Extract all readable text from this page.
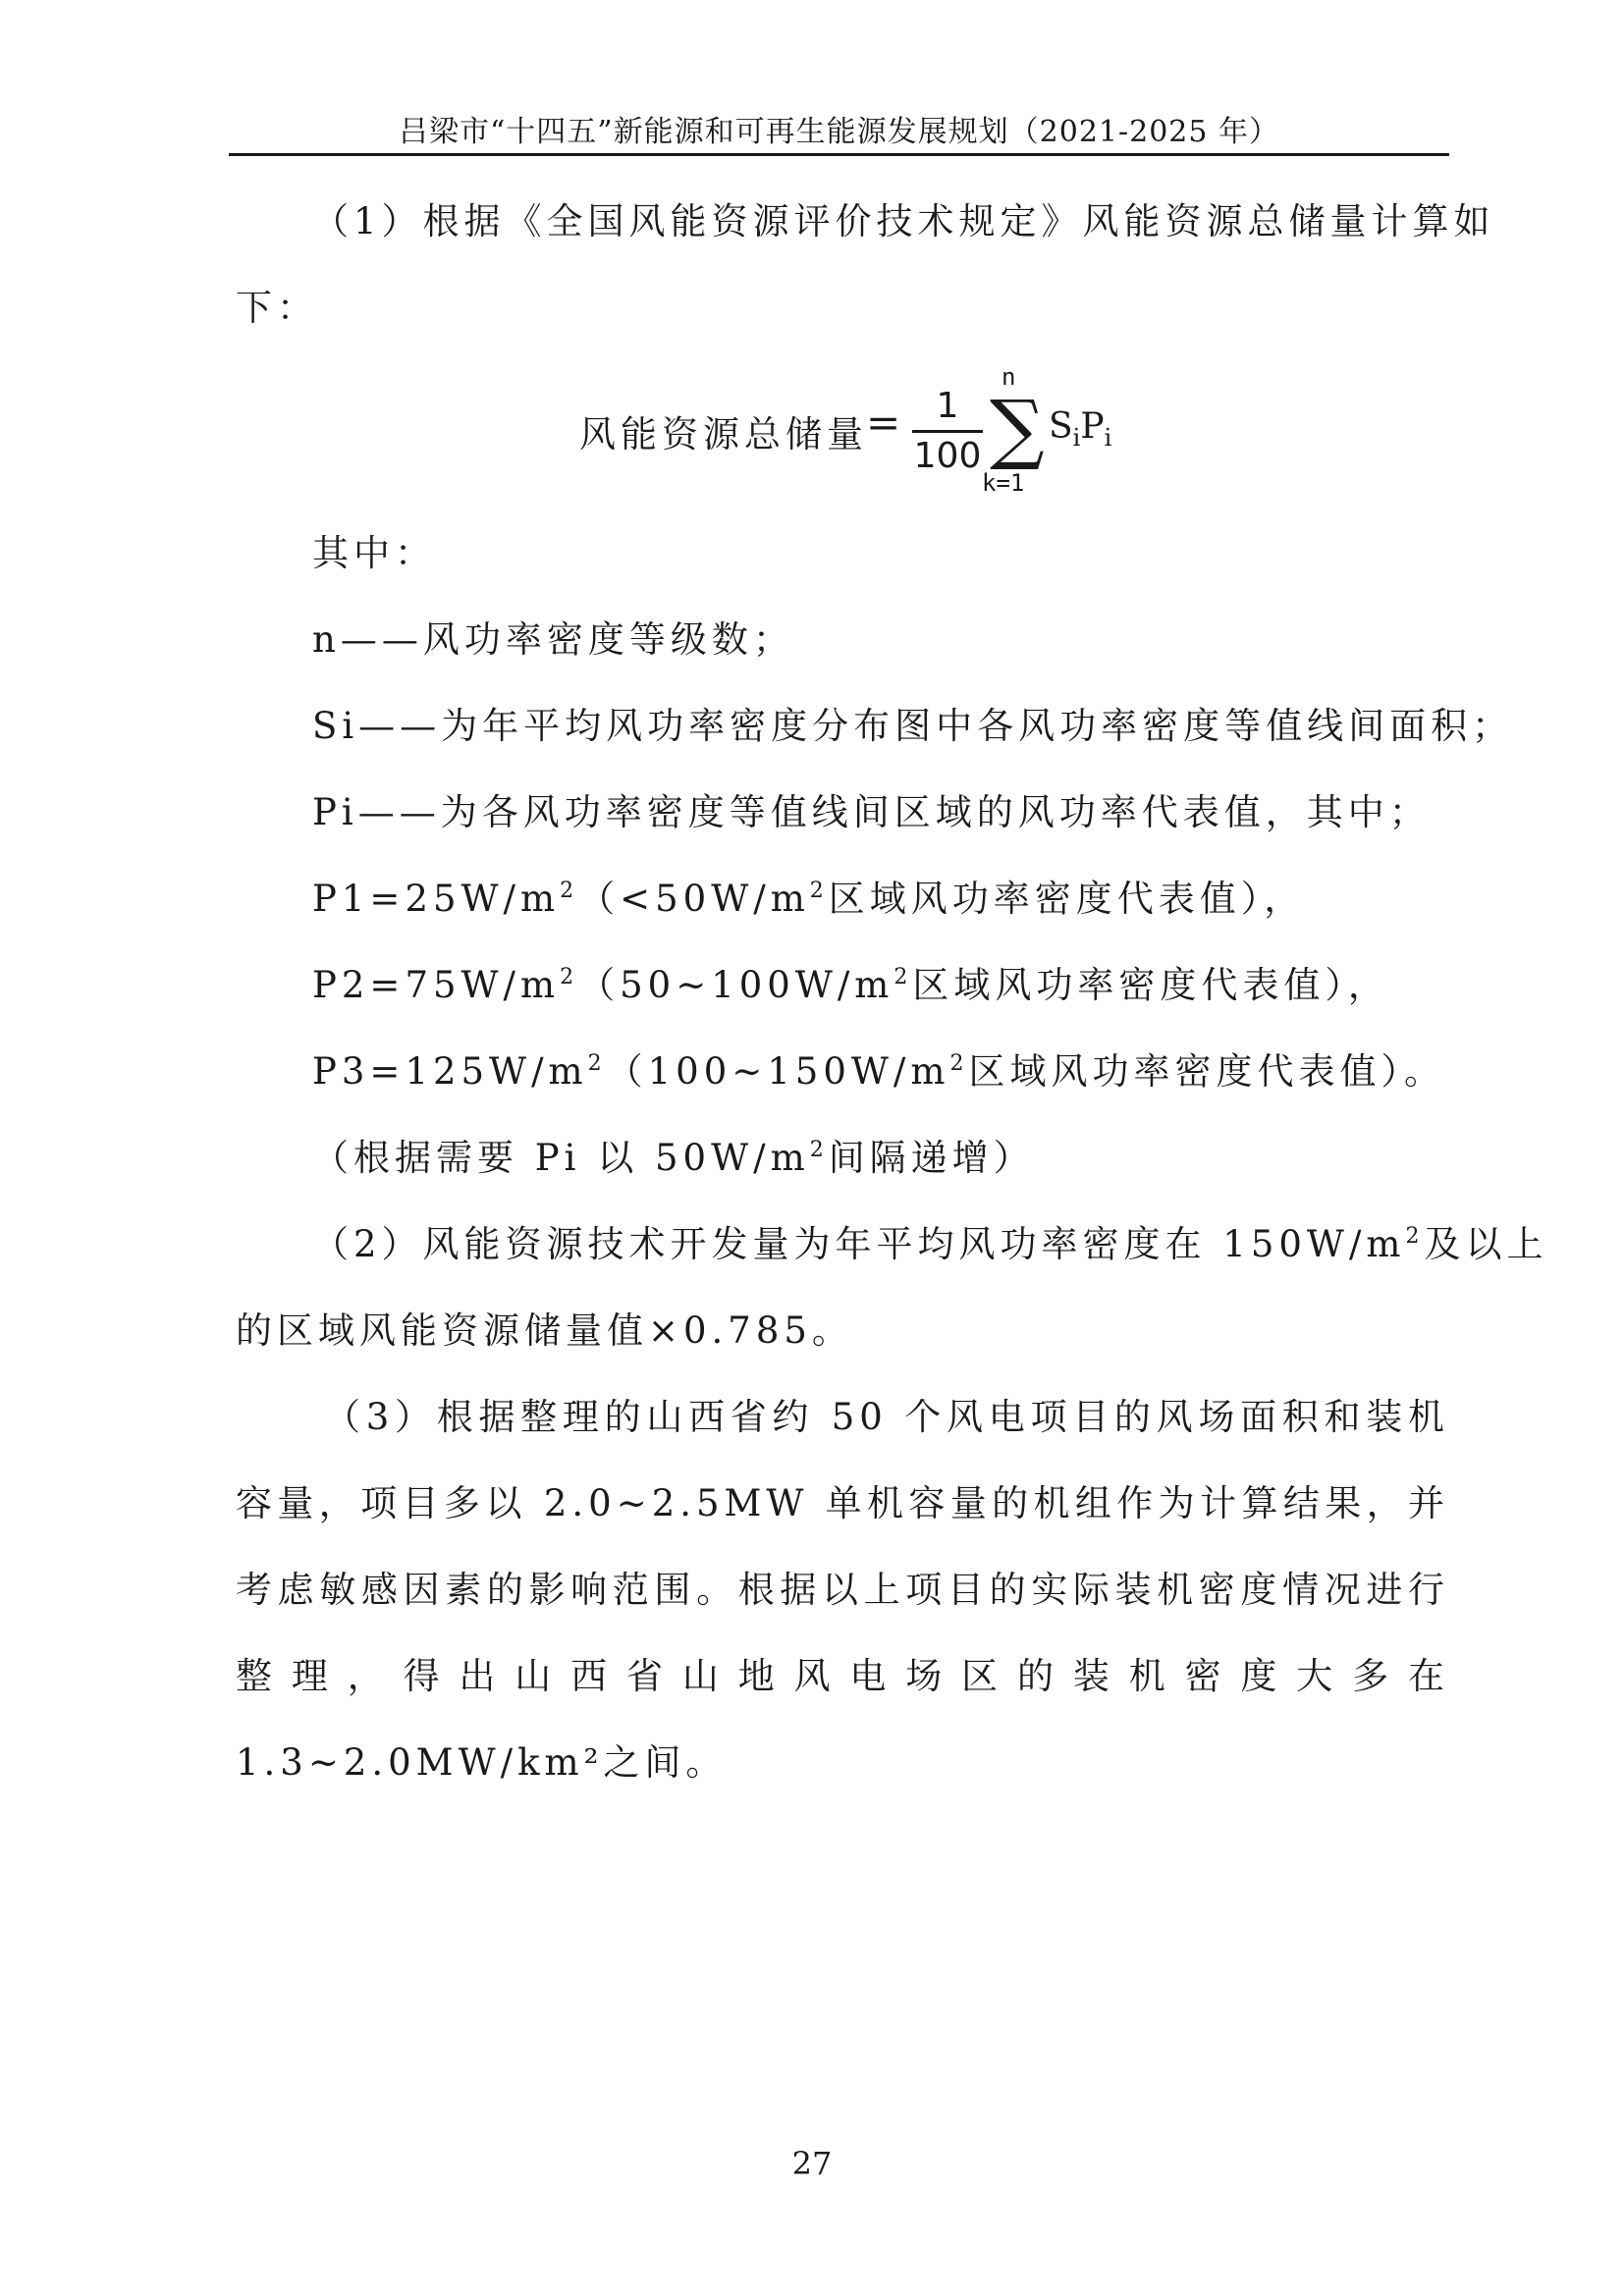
吕梁市“十四五”新能源和可再生能源发展规划（2021-2025 年）
（1）根据《全国风能资源评价技术规定》风能资源总储量计算如
下：
风能资源总储量
=	1
100
n
∑
k=1
$S_iP_i$
其中：
n——风功率密度等级数；
Si——为年平均风功率密度分布图中各风功率密度等值线间面积；
Pi——为各风功率密度等值线间区域的风功率代表值，其中；
$P1=25W/m^2(<50W/m^2$区域风功率密度代表值），
$P2=75W/m^2(50\sim 100W/m^2$区域风功率密度代表值），
$P3=125W/m^2(100\sim 150W/m^2$区域风功率密度代表值）。
（根据需要 Pi 以 $50W/m^2$间隔递增）
（2）风能资源技术开发量为年平均风功率密度在 $150W/m^2$及以上
的区域风能资源储量值×0.785。
（3）根据整理的山西省约 50 个风电项目的风场面积和装机容量，项目多以 2.0~2.5MW 单机容量的机组作为计算结果，并考虑敏感因素的影响范围。根据以上项目的实际装机密度情况进行整理，得出山西省山地风电场区的装机密度大多在 1.3~2.0MW/km²之间。
27
